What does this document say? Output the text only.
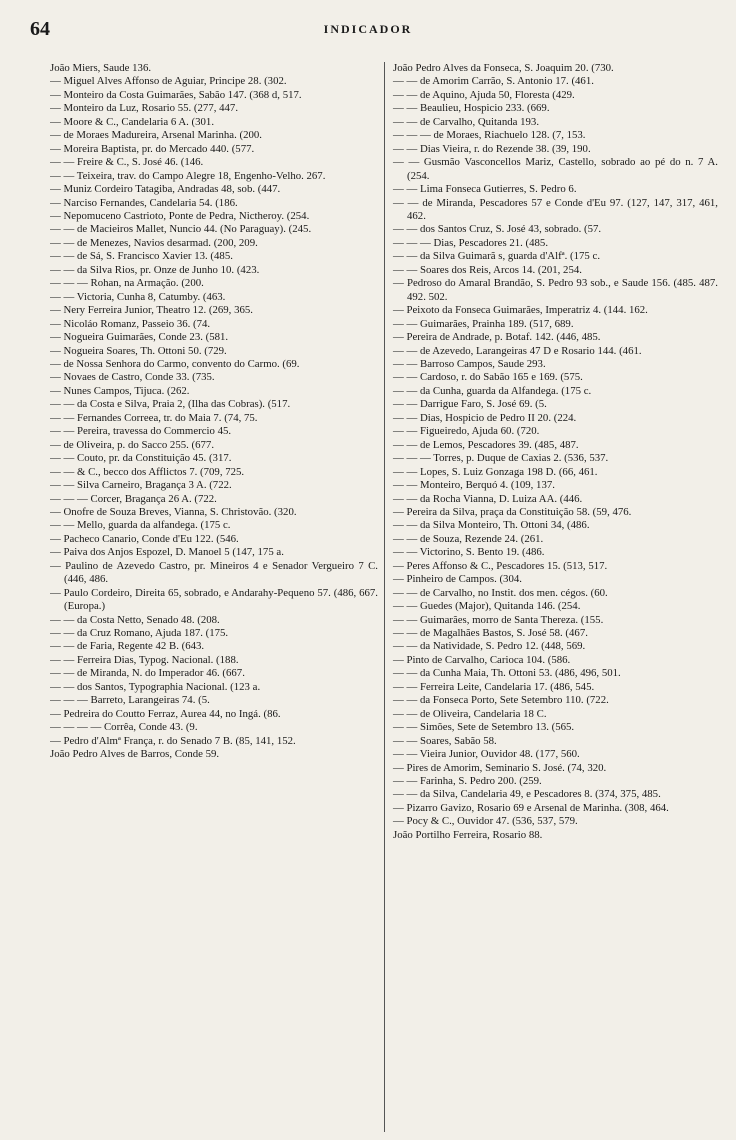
64	INDICADOR
João Miers, Saude 136.
— Miguel Alves Affonso de Aguiar, Principe 28. (302.
— Monteiro da Costa Guimarães, Sabão 147. (368 d, 517.
— Monteiro da Luz, Rosario 55. (277, 447.
— Moore & C., Candelaria 6 A. (301.
— de Moraes Madureira, Arsenal Marinha. (200.
— Moreira Baptista, pr. do Mercado 440. (577.
— — Freire & C., S. José 46. (146.
— — Teixeira, trav. do Campo Alegre 18, Engenho-Velho. 267.
— Muniz Cordeiro Tatagiba, Andradas 48, sob. (447.
— Narciso Fernandes, Candelaria 54. (186.
— Nepomuceno Castrioto, Ponte de Pedra, Nictheroy. (254.
— — de Macieiros Mallet, Nuncio 44. (No Paraguay). (245.
— — de Menezes, Navios desarmad. (200, 209.
— — de Sá, S. Francisco Xavier 13. (485.
— — da Silva Rios, pr. Onze de Junho 10. (423.
— — — Rohan, na Armação. (200.
— — Victoria, Cunha 8, Catumby. (463.
— Nery Ferreira Junior, Theatro 12. (269, 365.
— Nicoláo Romanz, Passeio 36. (74.
— Nogueira Guimarães, Conde 23. (581.
— Nogueira Soares, Th. Ottoni 50. (729.
— de Nossa Senhora do Carmo, convento do Carmo. (69.
— Novaes de Castro, Conde 33. (735.
— Nunes Campos, Tijuca. (262.
— — da Costa e Silva, Praia 2, (Ilha das Cobras). (517.
— — Fernandes Correea, tr. do Maia 7. (74, 75.
— — Pereira, travessa do Commercio 45.
— de Oliveira, p. do Sacco 255. (677.
— — Couto, pr. da Constituição 45. (317.
— — & C., becco dos Afflictos 7. (709, 725.
— — Silva Carneiro, Bragança 3 A. (722.
— — — Corcer, Bragança 26 A. (722.
— Onofre de Souza Breves, Vianna, S. Christovão. (320.
— — Mello, guarda da alfandega. (175 c.
— Pacheco Canario, Conde d'Eu 122. (546.
— Paiva dos Anjos Espozel, D. Manoel 5 (147, 175 a.
— Paulino de Azevedo Castro, pr. Mineiros 4 e Senador Vergueiro 7 C. (446, 486.
— Paulo Cordeiro, Direita 65, sobrado, e Andarahy-Pequeno 57. (486, 667. (Europa.)
— — da Costa Netto, Senado 48. (208.
— — da Cruz Romano, Ajuda 187. (175.
— — de Faria, Regente 42 B. (643.
— — Ferreira Dias, Typog. Nacional. (188.
— — de Miranda, N. do Imperador 46. (667.
— — dos Santos, Typographia Nacional. (123 a.
— — — Barreto, Larangeiras 74. (5.
— Pedreira do Coutto Ferraz, Aurea 44, no Ingá. (86.
— — — — Corrêa, Conde 43. (9.
— Pedro d'Almª França, r. do Senado 7 B. (85, 141, 152.
João Pedro Alves de Barros, Conde 59.
João Pedro Alves da Fonseca, S. Joaquim 20. (730.
— — de Amorim Carrão, S. Antonio 17. (461.
— — de Aquino, Ajuda 50, Floresta (429.
— — Beaulieu, Hospicio 233. (669.
— — de Carvalho, Quitanda 193.
— — — de Moraes, Riachuelo 128. (7, 153.
— — Dias Vieira, r. do Rezende 38. (39, 190.
— — Gusmão Vasconcellos Mariz, Castello, sobrado ao pé do n. 7 A. (254.
— — Lima Fonseca Gutierres, S. Pedro 6.
— — de Miranda, Pescadores 57 e Conde d'Eu 97. (127, 147, 317, 461, 462.
— — dos Santos Cruz, S. José 43, sobrado. (57.
— — — Dias, Pescadores 21. (485.
— — da Silva Guimarã s, guarda d'Alfª. (175 c.
— — Soares dos Reis, Arcos 14. (201, 254.
— Pedroso do Amaral Brandão, S. Pedro 93 sob., e Saude 156. (485. 487. 492. 502.
— Peixoto da Fonseca Guimarães, Imperatriz 4. (144. 162.
— — Guimarães, Prainha 189. (517, 689.
— Pereira de Andrade, p. Botaf. 142. (446, 485.
— — de Azevedo, Larangeiras 47 D e Rosario 144. (461.
— — Barroso Campos, Saude 293.
— — Cardoso, r. do Sabão 165 e 169. (575.
— — da Cunha, guarda da Alfandega. (175 c.
— — Darrigue Faro, S. José 69. (5.
— — Dias, Hospicio de Pedro II 20. (224.
— — Figueiredo, Ajuda 60. (720.
— — de Lemos, Pescadores 39. (485, 487.
— — — Torres, p. Duque de Caxias 2. (536, 537.
— — Lopes, S. Luiz Gonzaga 198 D. (66, 461.
— — Monteiro, Berquó 4. (109, 137.
— — da Rocha Vianna, D. Luiza AA. (446.
— Pereira da Silva, praça da Constituição 58. (59, 476.
— — da Silva Monteiro, Th. Ottoni 34, (486.
— — de Souza, Rezende 24. (261.
— — Victorino, S. Bento 19. (486.
— Peres Affonso & C., Pescadores 15. (513, 517.
— Pinheiro de Campos. (304.
— — de Carvalho, no Instit. dos men. cégos. (60.
— — Guedes (Major), Quitanda 146. (254.
— — Guimarães, morro de Santa Thereza. (155.
— — de Magalhães Bastos, S. José 58. (467.
— — da Natividade, S. Pedro 12. (448, 569.
— Pinto de Carvalho, Carioca 104. (586.
— — da Cunha Maia, Th. Ottoni 53. (486, 496, 501.
— — Ferreira Leite, Candelaria 17. (486, 545.
— — da Fonseca Porto, Sete Setembro 110. (722.
— — de Oliveira, Candelaria 18 C.
— — Simões, Sete de Setembro 13. (565.
— — Soares, Sabão 58.
— — Vieira Junior, Ouvidor 48. (177, 560.
— Pires de Amorim, Seminario S. José. (74, 320.
— — Farinha, S. Pedro 200. (259.
— — da Silva, Candelaria 49, e Pescadores 8. (374, 375, 485.
— Pizarro Gavizo, Rosario 69 e Arsenal de Marinha. (308, 464.
— Pocy & C., Ouvidor 47. (536, 537, 579.
João Portilho Ferreira, Rosario 88.
